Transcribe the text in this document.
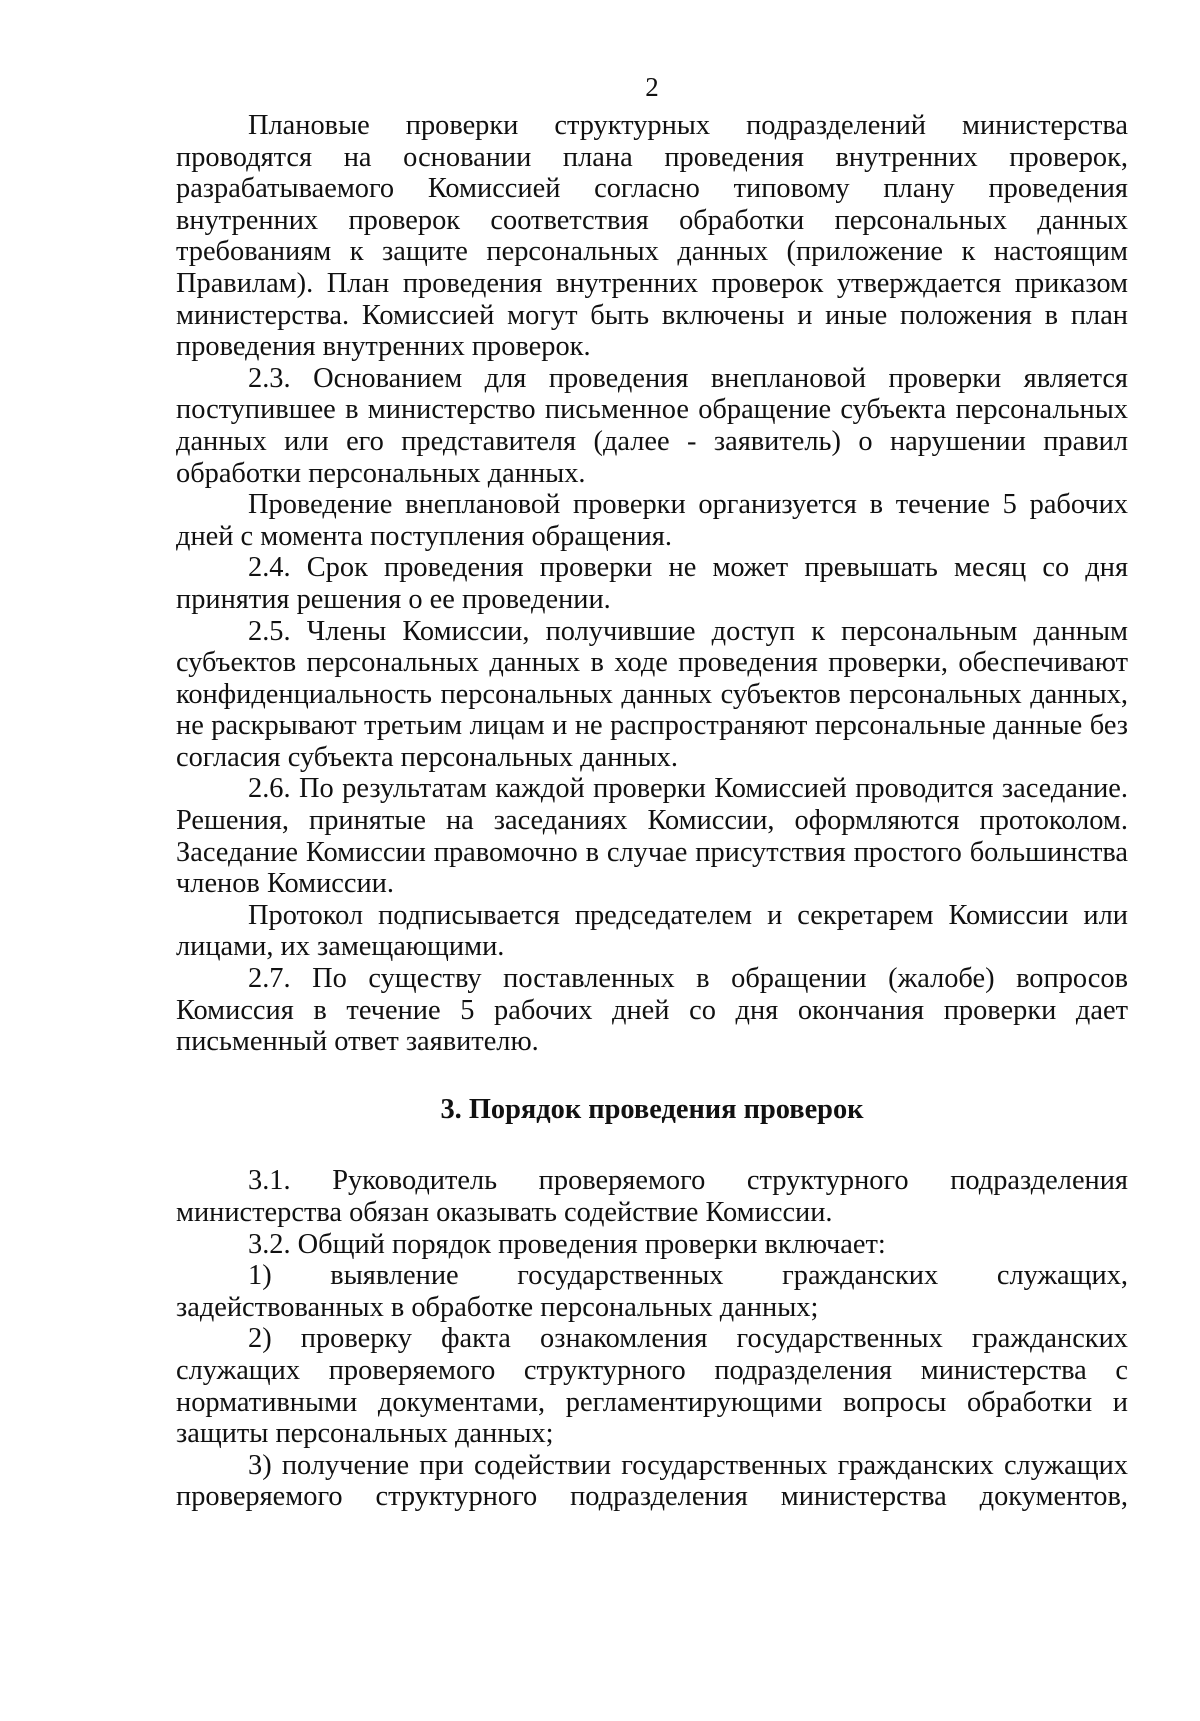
2

Плановые проверки структурных подразделений министерства проводятся на основании плана проведения внутренних проверок, разрабатываемого Комиссией согласно типовому плану проведения внутренних проверок соответствия обработки персональных данных требованиям к защите персональных данных (приложение к настоящим Правилам). План проведения внутренних проверок утверждается приказом министерства. Комиссией могут быть включены и иные положения в план проведения внутренних проверок.

2.3. Основанием для проведения внеплановой проверки является поступившее в министерство письменное обращение субъекта персональных данных или его представителя (далее - заявитель) о нарушении правил обработки персональных данных.

Проведение внеплановой проверки организуется в течение 5 рабочих дней с момента поступления обращения.

2.4. Срок проведения проверки не может превышать месяц со дня принятия решения о ее проведении.

2.5. Члены Комиссии, получившие доступ к персональным данным субъектов персональных данных в ходе проведения проверки, обеспечивают конфиденциальность персональных данных субъектов персональных данных, не раскрывают третьим лицам и не распространяют персональные данные без согласия субъекта персональных данных.

2.6. По результатам каждой проверки Комиссией проводится заседание. Решения, принятые на заседаниях Комиссии, оформляются протоколом. Заседание Комиссии правомочно в случае присутствия простого большинства членов Комиссии.

Протокол подписывается председателем и секретарем Комиссии или лицами, их замещающими.

2.7. По существу поставленных в обращении (жалобе) вопросов Комиссия в течение 5 рабочих дней со дня окончания проверки дает письменный ответ заявителю.

3. Порядок проведения проверок

3.1. Руководитель проверяемого структурного подразделения министерства обязан оказывать содействие Комиссии.

3.2. Общий порядок проведения проверки включает:

1) выявление государственных гражданских служащих, задействованных в обработке персональных данных;

2) проверку факта ознакомления государственных гражданских служащих проверяемого структурного подразделения министерства с нормативными документами, регламентирующими вопросы обработки и защиты персональных данных;

3) получение при содействии государственных гражданских служащих проверяемого структурного подразделения министерства документов,
